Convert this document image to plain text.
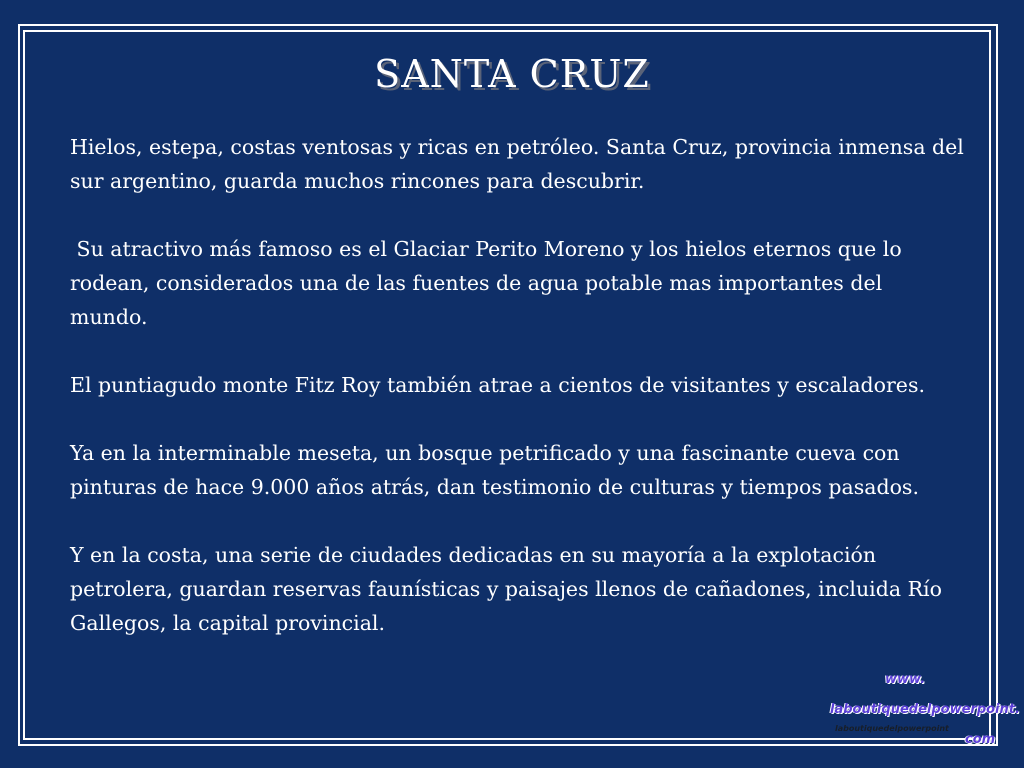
SANTA CRUZ

Hielos, estepa, costas ventosas y ricas en petróleo. Santa Cruz, provincia inmensa del sur argentino, guarda muchos rincones para descubrir.

Su atractivo más famoso es el Glaciar Perito Moreno y los hielos eternos que lo rodean, considerados una de las fuentes de agua potable mas importantes del mundo.

El puntiagudo monte Fitz Roy también atrae a cientos de visitantes y escaladores.

Ya en la interminable meseta, un bosque petrificado y una fascinante cueva con pinturas de hace 9.000 años atrás, dan testimonio de culturas y tiempos pasados.

Y en la costa, una serie de ciudades dedicadas en su mayoría a la explotación petrolera, guardan reservas faunísticas y paisajes llenos de cañadones, incluida Río Gallegos, la capital provincial.

www.
laboutiquedelpowerpoint.
laboutiquedelpowerpoint
com
